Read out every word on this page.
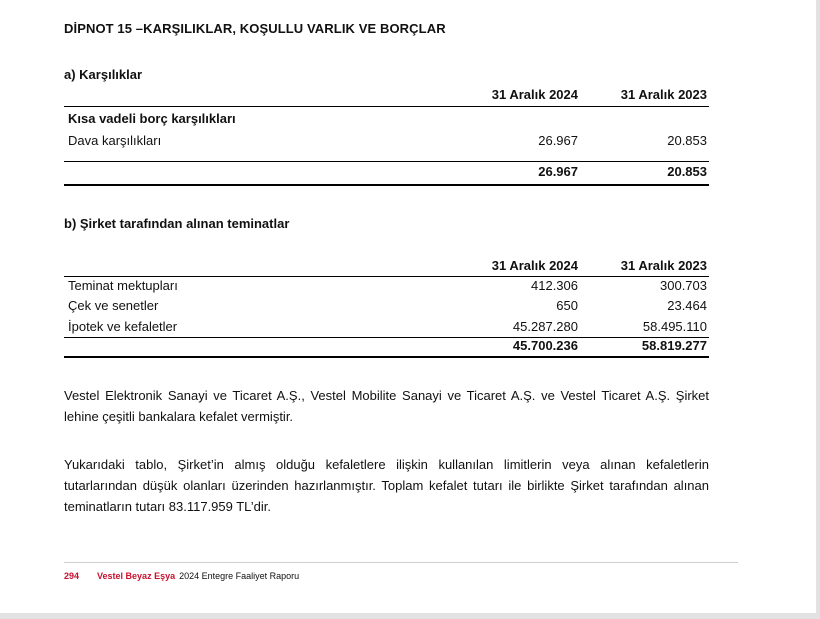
DİPNOT 15 –KARŞILIKLAR, KOŞULLU VARLIK VE BORÇLAR
a) Karşılıklar
31 Aralık 2024	31 Aralık 2023
Kısa vadeli borç karşılıkları
Dava karşılıkları	26.967	20.853
26.967	20.853
b) Şirket tarafından alınan teminatlar
31 Aralık 2024	31 Aralık 2023
Teminat mektupları	412.306	300.703
Çek ve senetler	650	23.464
İpotek ve kefaletler	45.287.280	58.495.110
45.700.236	58.819.277
Vestel Elektronik Sanayi ve Ticaret A.Ş., Vestel Mobilite Sanayi ve Ticaret A.Ş. ve Vestel Ticaret A.Ş. Şirket lehine çeşitli bankalara kefalet vermiştir.
Yukarıdaki tablo, Şirket’in almış olduğu kefaletlere ilişkin kullanılan limitlerin veya alınan kefaletlerin tutarlarından düşük olanları üzerinden hazırlanmıştır. Toplam kefalet tutarı ile birlikte Şirket tarafından alınan teminatların tutarı 83.117.959 TL’dir.
294 Vestel Beyaz Eşya 2024 Entegre Faaliyet Raporu
